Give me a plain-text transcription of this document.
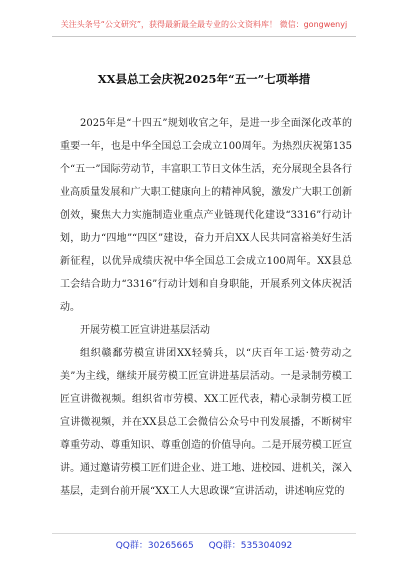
关注头条号“公文研究”，获得最新最全最专业的公文资料库！ 微信：gongwenyj
XX县总工会庆祝2025年“五一”七项举措

2025年是“十四五”规划收官之年，是进一步全面深化改革的重要一年，也是中华全国总工会成立100周年。为热烈庆祝第135个“五一”国际劳动节，丰富职工节日文体生活，充分展现全县各行业高质量发展和广大职工健康向上的精神风貌，激发广大职工创新创效，聚焦大力实施制造业重点产业链现代化建设“3316”行动计划，助力“四地”“四区”建设，奋力开启XX人民共同富裕美好生活新征程，以优异成绩庆祝中华全国总工会成立100周年。XX县总工会结合助力“3316”行动计划和自身职能，开展系列文体庆祝活动。

开展劳模工匠宣讲进基层活动

组织赣鄱劳模宣讲团XX轻骑兵，以“庆百年工运·赞劳动之美”为主线，继续开展劳模工匠宣讲进基层活动。一是录制劳模工匠宣讲微视频。组织省市劳模、XX工匠代表，精心录制劳模工匠宣讲微视频，并在XX县总工会微信公众号中刊发展播，不断树牢尊重劳动、尊重知识、尊重创造的价值导向。二是开展劳模工匠宣讲。通过邀请劳模工匠们进企业、进工地、进校园、进机关，深入基层，走到台前开展“XX工人大思政课”宣讲活动，讲述响应党的

QQ群：30265665 QQ群：535304092
